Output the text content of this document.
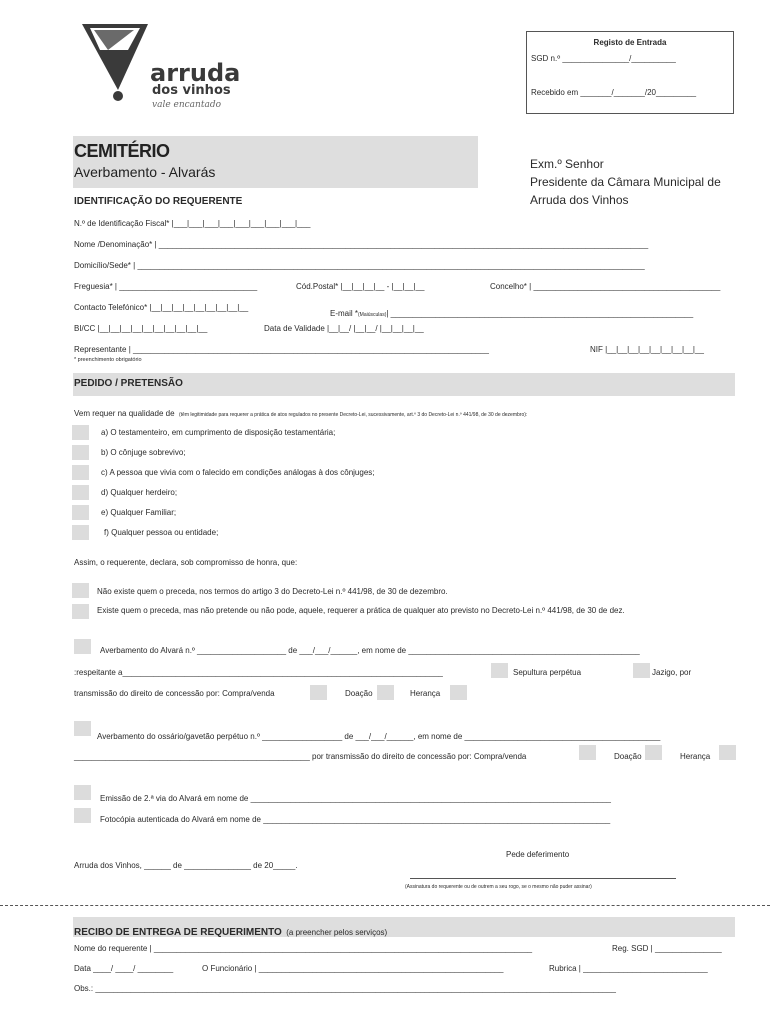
arruda
dos vinhos
vale encantado
Registo de Entrada
SGD n.º _______________/__________
Recebido em _______/_______/20_________
CEMITÉRIO
Averbamento - Alvarás	Exm.º Senhor
Presidente da Câmara Municipal de
Arruda dos Vinhos
IDENTIFICAÇÃO DO REQUERENTE
N.º de Identificação Fiscal* |___|___|___|___|___|___|___|___|___
Nome /Denominação* | ______________________________________________________________________________________________________________
Domicílio/Sede* | __________________________________________________________________________________________________________________
Freguesia* | _______________________________	Cód.Postal* |__|__|__|__ - |__|__|__	Concelho* | __________________________________________
Contacto Telefónico* |__|__|__|__|__|__|__|__|__
E-mail *(Maiúsculas)| ____________________________________________________________________
BI/CC |__|__|__|__|__|__|__|__|__|__	Data de Validade |__|__/ |__|__/ |__|__|__|__
Representante | ________________________________________________________________________________	NIF |__|__|__|__|__|__|__|__|__
* preenchimento obrigatório
PEDIDO / PRETENSÃO
Vem requer na qualidade de (têm legitimidade para requerer a prática de atos regulados no presente Decreto-Lei, sucessivamente, art.º 3 do Decreto-Lei n.º 441/98, de 30 de dezembro):
a) O testamenteiro, em cumprimento de disposição testamentária;
b) O cônjuge sobrevivo;
c) A pessoa que vivia com o falecido em condições análogas à dos cônjuges;
d) Qualquer herdeiro;
e) Qualquer Familiar;
f) Qualquer pessoa ou entidade;
Assim, o requerente, declara, sob compromisso de honra, que:
Não existe quem o preceda, nos termos do artigo 3 do Decreto-Lei n.º 441/98, de 30 de dezembro.
Existe quem o preceda, mas não pretende ou não pode, aquele, requerer a prática de qualquer ato previsto no Decreto-Lei n.º 441/98, de 30 de dez.
Averbamento do Alvará n.º ____________________ de ___/___/______, em nome de ____________________________________________________
________________________________________________________________________respeitante a:	Sepultura perpétua	Jazigo, por
transmissão do direito de concessão por: Compra/venda	Doação	Herança
Averbamento do ossário/gavetão perpétuo n.º __________________ de ___/___/______, em nome de ____________________________________________
_____________________________________________________ por transmissão do direito de concessão por: Compra/venda	Doação	Herança
Emissão de 2.ª via do Alvará em nome de _________________________________________________________________________________
Fotocópia autenticada do Alvará em nome de ______________________________________________________________________________
Pede deferimento
Arruda dos Vinhos, ______ de _______________ de 20_____.
(Assinatura do requerente ou de outrem a seu rogo, se o mesmo não puder assinar)
RECIBO DE ENTREGA DE REQUERIMENTO (a preencher pelos serviços)
Nome do requerente | _____________________________________________________________________________________	Reg. SGD | _______________
Data ____/ ____/ ________	O Funcionário | _______________________________________________________	Rubrica | ____________________________
Obs.: _____________________________________________________________________________________________________________________
